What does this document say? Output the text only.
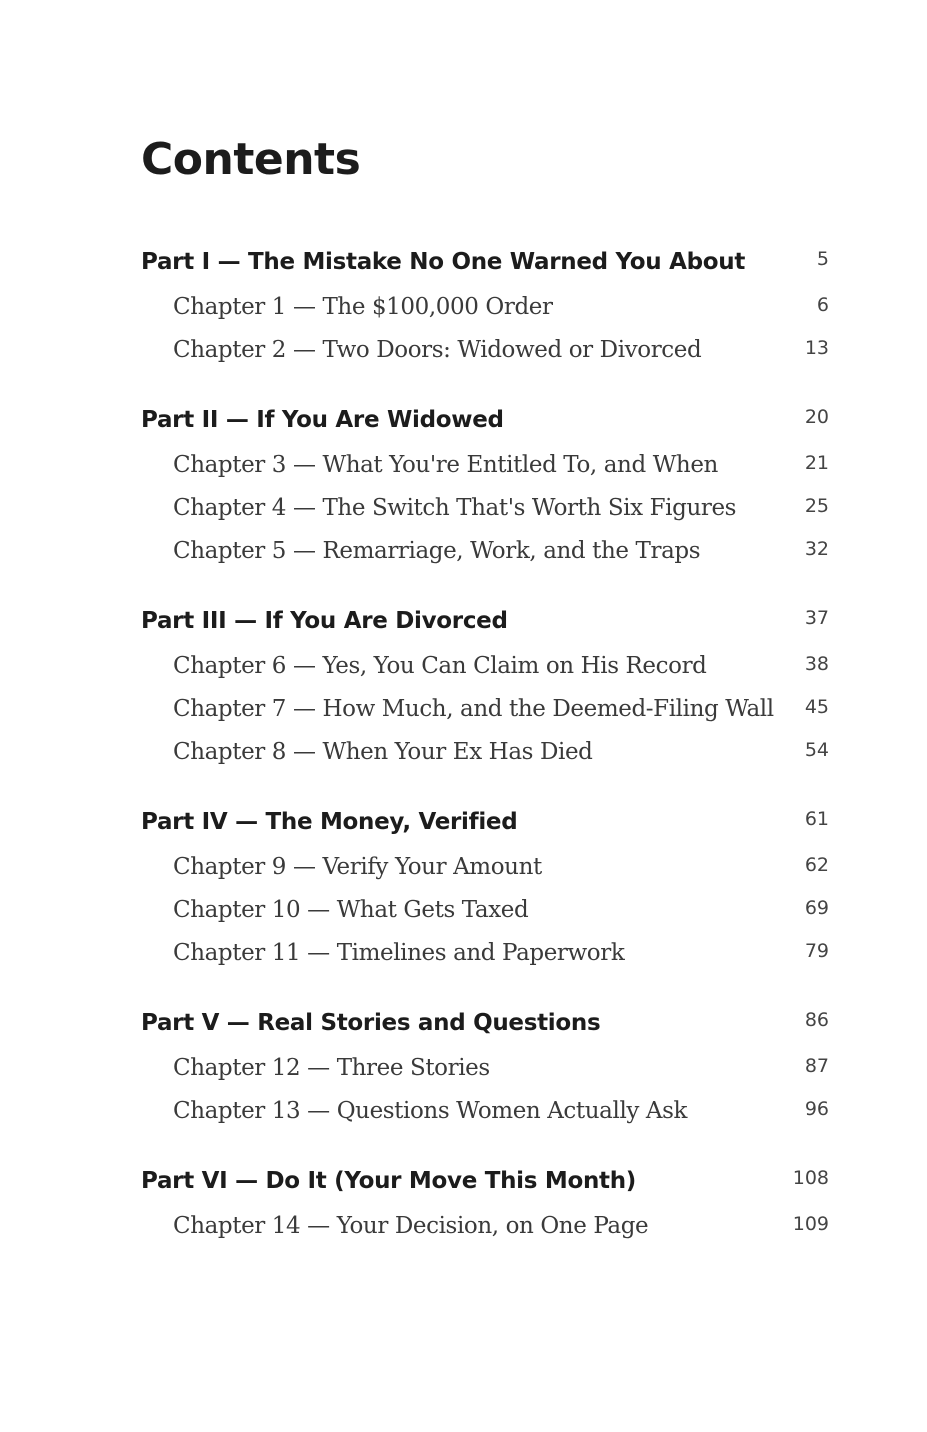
Contents
Part I — The Mistake No One Warned You About	5
Chapter 1 — The $100,000 Order	6
Chapter 2 — Two Doors: Widowed or Divorced	13
Part II — If You Are Widowed	20
Chapter 3 — What You're Entitled To, and When	21
Chapter 4 — The Switch That's Worth Six Figures	25
Chapter 5 — Remarriage, Work, and the Traps	32
Part III — If You Are Divorced	37
Chapter 6 — Yes, You Can Claim on His Record	38
Chapter 7 — How Much, and the Deemed-Filing Wall 45
Chapter 8 — When Your Ex Has Died	54
Part IV — The Money, Verified	61
Chapter 9 — Verify Your Amount	62
Chapter 10 — What Gets Taxed	69
Chapter 11 — Timelines and Paperwork	79
Part V — Real Stories and Questions	86
Chapter 12 — Three Stories	87
Chapter 13 — Questions Women Actually Ask	96
Part VI — Do It (Your Move This Month)	108
Chapter 14 — Your Decision, on One Page	109
